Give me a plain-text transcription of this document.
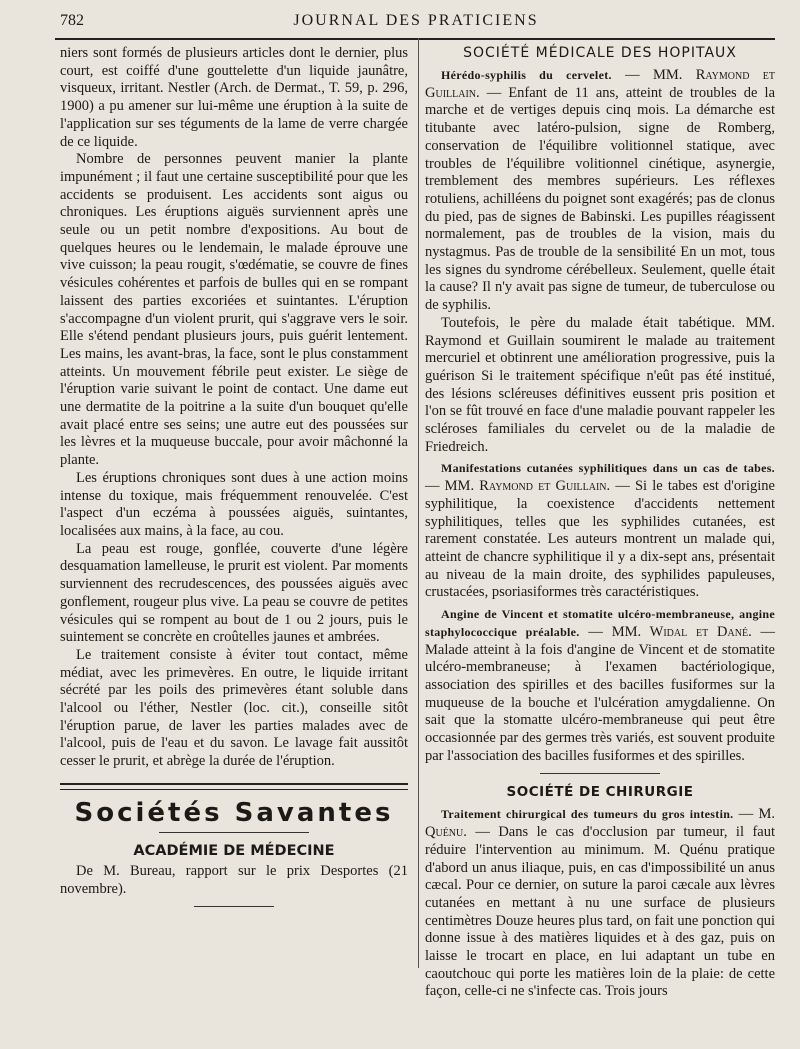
782	JOURNAL DES PRATICIENS

niers sont formés de plusieurs articles dont le dernier, plus court, est coiffé d'une gouttelette d'un liquide jaunâtre, visqueux, irritant. Nestler (Arch. de Dermat., T. 59, p. 296, 1900) a pu amener sur lui-même une éruption à la suite de l'application sur ses téguments de la lame de verre chargée de ce liquide.

Nombre de personnes peuvent manier la plante impunément ; il faut une certaine susceptibilité pour que les accidents se produisent. Les accidents sont aigus ou chroniques. Les éruptions aiguës surviennent après une seule ou un petit nombre d'expositions. Au bout de quelques heures ou le lendemain, le malade éprouve une vive cuisson; la peau rougit, s'œdématie, se couvre de fines vésicules cohérentes et parfois de bulles qui en se rompant laissent des parties excoriées et suintantes. L'éruption s'accompagne d'un violent prurit, qui s'aggrave vers le soir. Elle s'étend pendant plusieurs jours, puis guérit lentement. Les mains, les avant-bras, la face, sont le plus constamment atteints. Un mouvement fébrile peut exister. Le siège de l'éruption varie suivant le point de contact. Une dame eut une dermatite de la poitrine a la suite d'un bouquet qu'elle avait placé entre ses seins; une autre eut des poussées sur les lèvres et la muqueuse buccale, pour avoir mâchonné la plante.

Les éruptions chroniques sont dues à une action moins intense du toxique, mais fréquemment renouvelée. C'est l'aspect d'un eczéma à poussées aiguës, suintantes, localisées aux mains, à la face, au cou.

La peau est rouge, gonflée, couverte d'une légère desquamation lamelleuse, le prurit est violent. Par moments surviennent des recrudescences, des poussées aiguës avec gonflement, rougeur plus vive. La peau se couvre de petites vésicules qui se rompent au bout de 1 ou 2 jours, puis le suintement se concrète en croûtelles jaunes et ambrées.

Le traitement consiste à éviter tout contact, même médiat, avec les primevères. En outre, le liquide irritant sécrété par les poils des primevères étant soluble dans l'alcool ou l'éther, Nestler (loc. cit.), conseille sitôt l'éruption parue, de laver les parties malades avec de l'alcool, puis de l'eau et du savon. Le lavage fait aussitôt cesser le prurit, et abrège la durée de l'éruption.

Sociétés Savantes
ACADÉMIE DE MÉDECINE

De M. Bureau, rapport sur le prix Desportes (21 novembre).

SOCIÉTÉ MÉDICALE DES HOPITAUX

Hérédo-syphilis du cervelet. — MM. Raymond et Guillain. — Enfant de 11 ans, atteint de troubles de la marche et de vertiges depuis cinq mois. La démarche est titubante avec latéro-pulsion, signe de Romberg, conservation de l'équilibre volitionnel statique, avec troubles de l'équilibre volitionnel cinétique, asynergie, tremblement des membres supérieurs. Les réflexes rotuliens, achilléens du poignet sont exagérés; pas de clonus du pied, pas de signes de Babinski. Les pupilles réagissent normalement, pas de troubles de la vision, mais du nystagmus. Pas de trouble de la sensibilité En un mot, tous les signes du syndrome cérébelleux. Seulement, quelle était la cause? Il n'y avait pas signe de tumeur, de tuberculose ou de syphilis.

Toutefois, le père du malade était tabétique. MM. Raymond et Guillain soumirent le malade au traitement mercuriel et obtinrent une amélioration progressive, puis la guérison Si le traitement spécifique n'eût pas été institué, des lésions scléreuses définitives eussent pris position et l'on se fût trouvé en face d'une maladie pouvant rappeler les scléroses familiales du cervelet ou de la maladie de Friedreich.

Manifestations cutanées syphilitiques dans un cas de tabes. — MM. Raymond et Guillain. — Si le tabes est d'origine syphilitique, la coexistence d'accidents nettement syphilitiques, telles que les syphilides cutanées, est rarement constatée. Les auteurs montrent un malade qui, atteint de chancre syphilitique il y a dix-sept ans, présentait au niveau de la main droite, des syphilides papuleuses, crustacées, psoriasiformes très caractéristiques.

Angine de Vincent et stomatite ulcéro-membraneuse, angine staphylococcique préalable. — MM. Widal et Dané. — Malade atteint à la fois d'angine de Vincent et de stomatite ulcéro-membraneuse; à l'examen bactériologique, association des spirilles et des bacilles fusiformes sur la muqueuse de la bouche et l'ulcération amygdalienne. On sait que la stomatte ulcéro-membraneuse qui peut être occasionnée par des germes très variés, est souvent produite par l'association des bacilles fusiformes et des spirilles.

SOCIÉTÉ DE CHIRURGIE

Traitement chirurgical des tumeurs du gros intestin. — M. Quénu. — Dans le cas d'occlusion par tumeur, il faut réduire l'intervention au minimum. M. Quénu pratique d'abord un anus iliaque, puis, en cas d'impossibilité un anus cæcal. Pour ce dernier, on suture la paroi cæcale aux lèvres cutanées en mettant à nu une surface de plusieurs centimètres Douze heures plus tard, on fait une ponction qui donne issue à des matières liquides et à des gaz, puis on laisse le trocart en place, en lui adaptant un tube en caoutchouc qui porte les matières loin de la plaie: de cette façon, celle-ci ne s'infecte cas. Trois jours
